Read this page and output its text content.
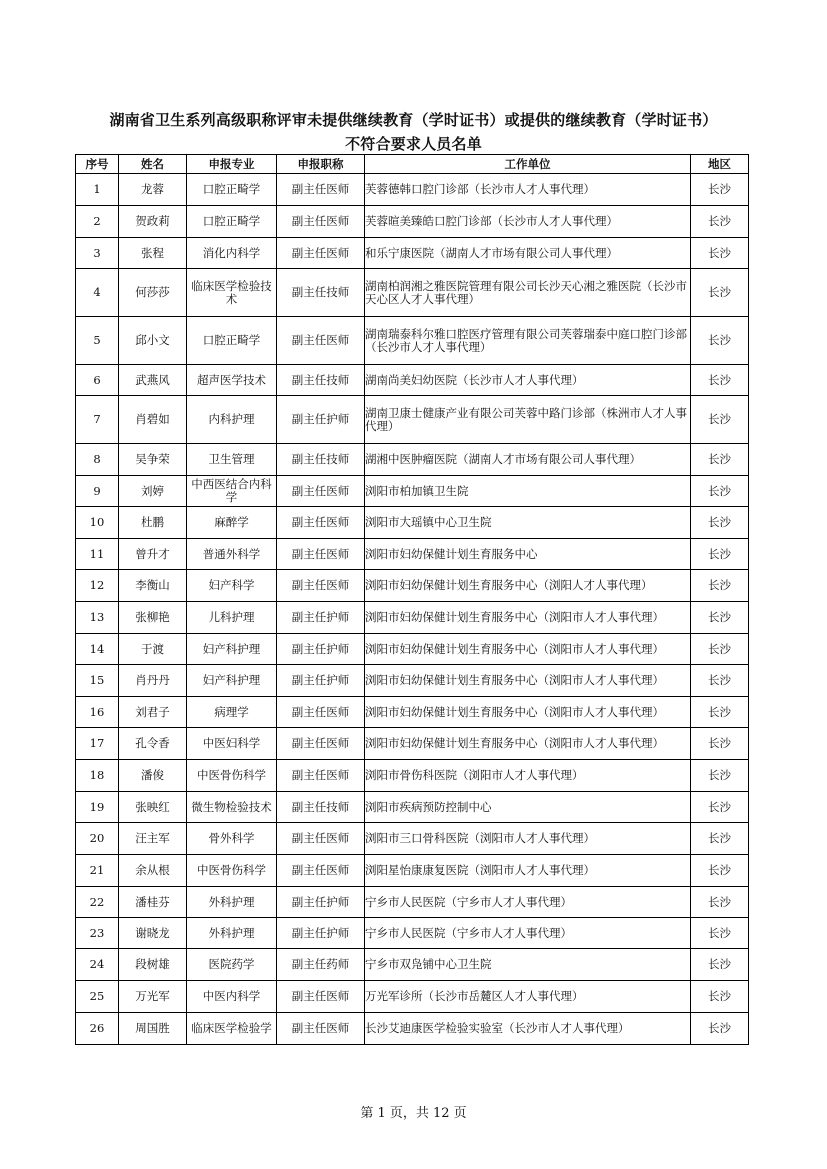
湖南省卫生系列高级职称评审未提供继续教育（学时证书）或提供的继续教育（学时证书）
不符合要求人员名单
序号	姓名	申报专业	申报职称	工作单位	地区

1	龙蓉	口腔正畸学	副主任医师	芙蓉德韩口腔门诊部（长沙市人才人事代理）	长沙

2	贺政莉	口腔正畸学	副主任医师	芙蓉暄美臻皓口腔门诊部（长沙市人才人事代理）	长沙

3	张程	消化内科学	副主任医师	和乐宁康医院（湖南人才市场有限公司人事代理）	长沙

4	何莎莎	临床医学检验技术	副主任技师	湖南柏润湘之雅医院管理有限公司长沙天心湘之雅医院（长沙市天心区人才人事代理）	长沙

5	邱小文	口腔正畸学	副主任医师	湖南瑞泰科尔雅口腔医疗管理有限公司芙蓉瑞泰中庭口腔门诊部（长沙市人才人事代理）	长沙

6	武燕风	超声医学技术	副主任技师	湖南尚美妇幼医院（长沙市人才人事代理）	长沙

7	肖碧如	内科护理	副主任护师	湖南卫康士健康产业有限公司芙蓉中路门诊部（株洲市人才人事代理）	长沙

8	吴争荣	卫生管理	副主任技师	湖湘中医肿瘤医院（湖南人才市场有限公司人事代理）	长沙

9	刘婷	中西医结合内科学	副主任医师	浏阳市柏加镇卫生院	长沙

10	杜鹏	麻醉学	副主任医师	浏阳市大瑶镇中心卫生院	长沙

11	曾升才	普通外科学	副主任医师	浏阳市妇幼保健计划生育服务中心	长沙

12	李衡山	妇产科学	副主任医师	浏阳市妇幼保健计划生育服务中心（浏阳人才人事代理）	长沙

13	张柳艳	儿科护理	副主任护师	浏阳市妇幼保健计划生育服务中心（浏阳市人才人事代理）	长沙

14	于渡	妇产科护理	副主任护师	浏阳市妇幼保健计划生育服务中心（浏阳市人才人事代理）	长沙

15	肖丹丹	妇产科护理	副主任护师	浏阳市妇幼保健计划生育服务中心（浏阳市人才人事代理）	长沙

16	刘君子	病理学	副主任医师	浏阳市妇幼保健计划生育服务中心（浏阳市人才人事代理）	长沙

17	孔令香	中医妇科学	副主任医师	浏阳市妇幼保健计划生育服务中心（浏阳市人才人事代理）	长沙

18	潘俊	中医骨伤科学	副主任医师	浏阳市骨伤科医院（浏阳市人才人事代理）	长沙

19	张映红	微生物检验技术	副主任技师	浏阳市疾病预防控制中心	长沙

20	汪主军	骨外科学	副主任医师	浏阳市三口骨科医院（浏阳市人才人事代理）	长沙

21	余从根	中医骨伤科学	副主任医师	浏阳星怡康康复医院（浏阳市人才人事代理）	长沙

22	潘桂芬	外科护理	副主任护师	宁乡市人民医院（宁乡市人才人事代理）	长沙

23	谢晓龙	外科护理	副主任护师	宁乡市人民医院（宁乡市人才人事代理）	长沙

24	段树雄	医院药学	副主任药师	宁乡市双凫铺中心卫生院	长沙

25	万光军	中医内科学	副主任医师	万光军诊所（长沙市岳麓区人才人事代理）	长沙

26	周国胜	临床医学检验学	副主任医师	长沙艾迪康医学检验实验室（长沙市人才人事代理）	长沙
第 1 页，共 12 页
